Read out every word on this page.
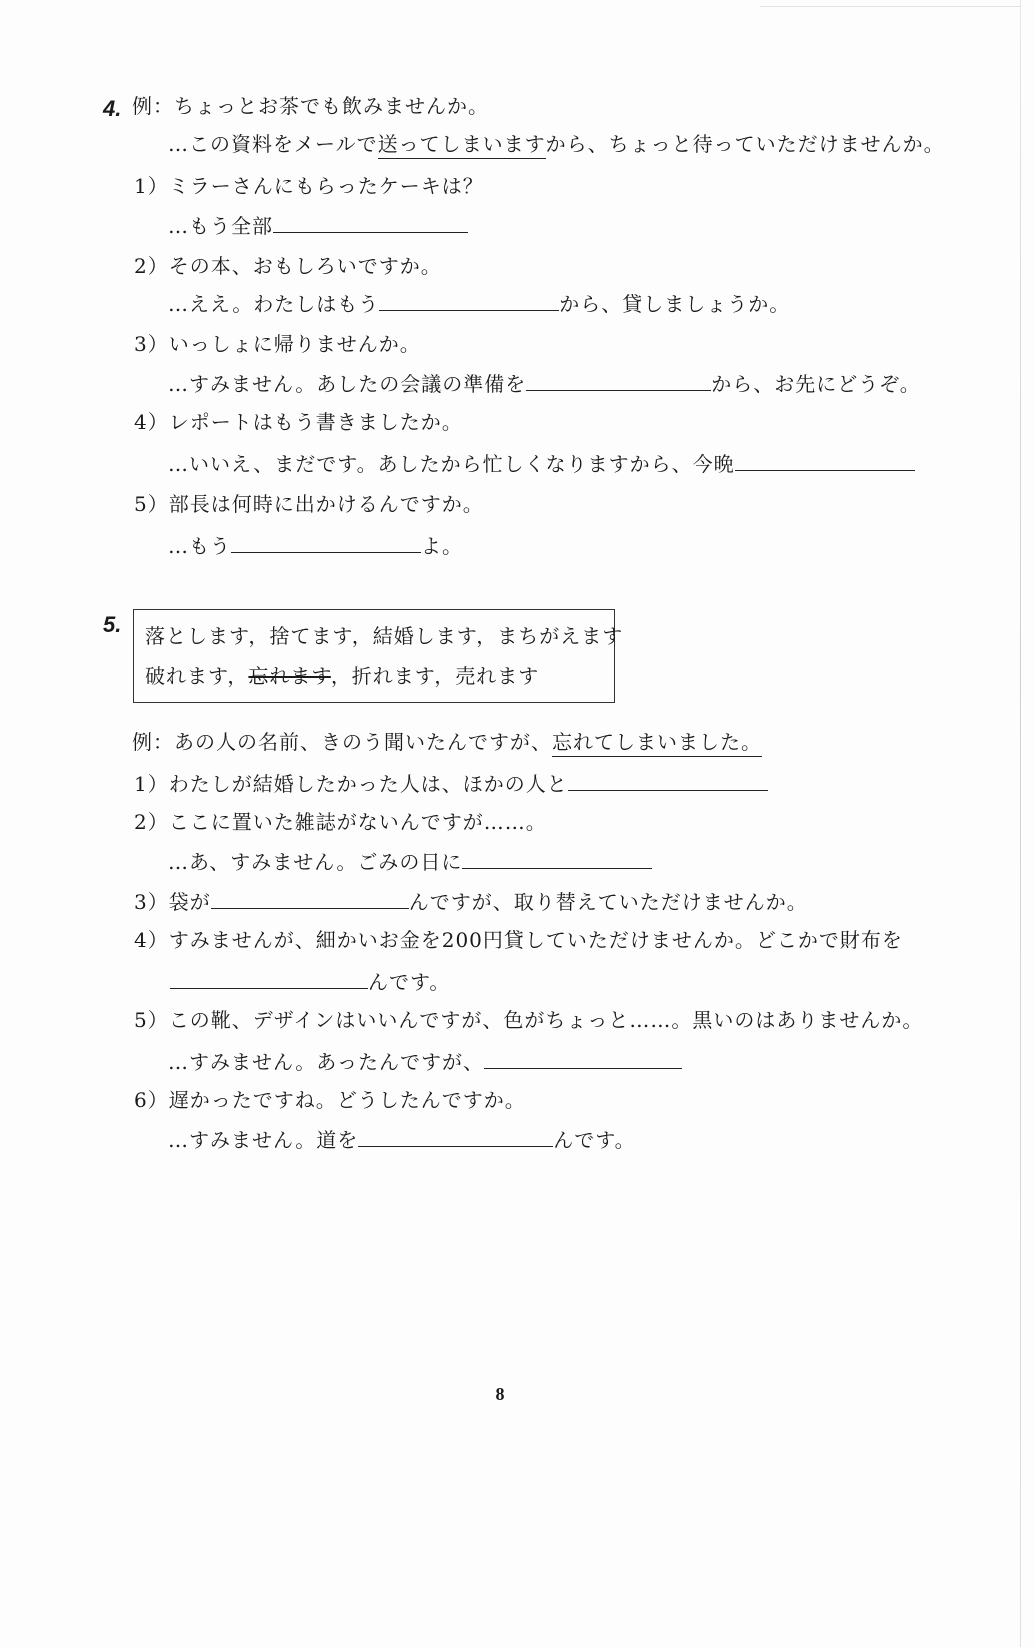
4. 例：ちょっとお茶でも飲みませんか。
…この資料をメールで送ってしまいますから、ちょっと待っていただけませんか。
1）ミラーさんにもらったケーキは？
…もう全部
2）その本、おもしろいですか。
…ええ。わたしはもう	から、貸しましょうか。
3）いっしょに帰りませんか。
…すみません。あしたの会議の準備を	から、お先にどうぞ。
4）レポートはもう書きましたか。
…いいえ、まだです。あしたから忙しくなりますから、今晩
5）部長は何時に出かけるんですか。
…もう	よ。
5. 落とします，捨てます，結婚します，まちがえます
破れます，忘れます，折れます，売れます
例：あの人の名前、きのう聞いたんですが、忘れてしまいました。
1）わたしが結婚したかった人は、ほかの人と
2）ここに置いた雑誌がないんですが……。
…あ、すみません。ごみの日に
3）袋が	んですが、取り替えていただけませんか。
4）すみませんが、細かいお金を200円貸していただけませんか。どこかで財布を
んです。
5）この靴、デザインはいいんですが、色がちょっと……。黒いのはありませんか。
…すみません。あったんですが、
6）遅かったですね。どうしたんですか。
…すみません。道を	んです。
8
